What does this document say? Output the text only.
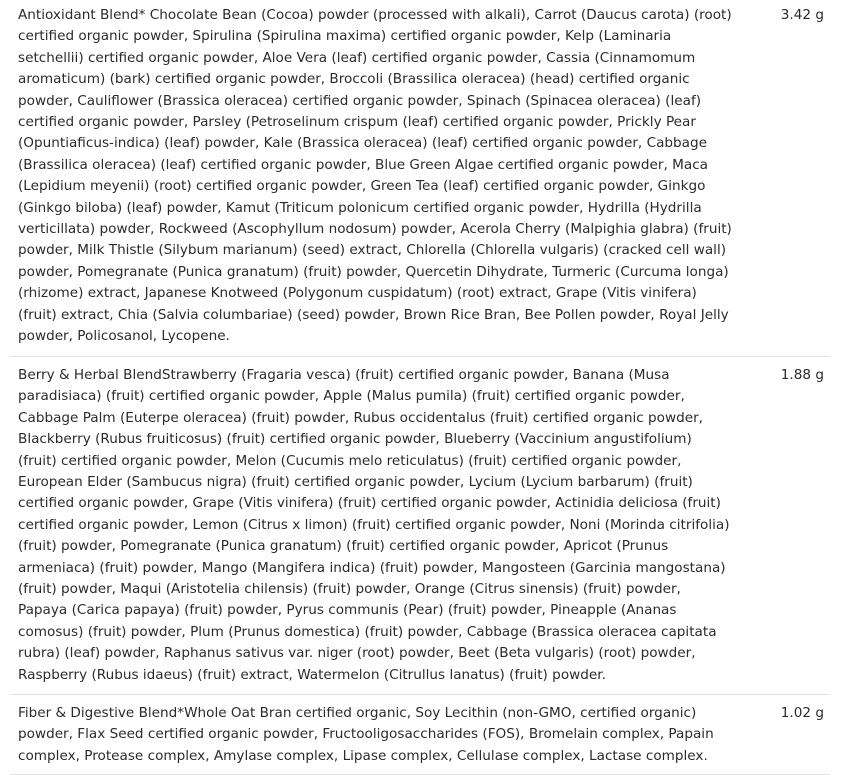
Antioxidant Blend* Chocolate Bean (Cocoa) powder (processed with alkali), Carrot (Daucus carota) (root) certified organic powder, Spirulina (Spirulina maxima) certified organic powder, Kelp (Laminaria setchellii) certified organic powder, Aloe Vera (leaf) certified organic powder, Cassia (Cinnamomum aromaticum) (bark) certified organic powder, Broccoli (Brassilica oleracea) (head) certified organic powder, Cauliflower (Brassica oleracea) certified organic powder, Spinach (Spinacea oleracea) (leaf) certified organic powder, Parsley (Petroselinum crispum (leaf) certified organic powder, Prickly Pear (Opuntiaficus-indica) (leaf) powder, Kale (Brassica oleracea) (leaf) certified organic powder, Cabbage (Brassilica oleracea) (leaf) certified organic powder, Blue Green Algae certified organic powder, Maca (Lepidium meyenii) (root) certified organic powder, Green Tea (leaf) certified organic powder, Ginkgo (Ginkgo biloba) (leaf) powder, Kamut (Triticum polonicum certified organic powder, Hydrilla (Hydrilla verticillata) powder, Rockweed (Ascophyllum nodosum) powder, Acerola Cherry (Malpighia glabra) (fruit) powder, Milk Thistle (Silybum marianum) (seed) extract, Chlorella (Chlorella vulgaris) (cracked cell wall) powder, Pomegranate (Punica granatum) (fruit) powder, Quercetin Dihydrate, Turmeric (Curcuma longa) (rhizome) extract, Japanese Knotweed (Polygonum cuspidatum) (root) extract, Grape (Vitis vinifera) (fruit) extract, Chia (Salvia columbariae) (seed) powder, Brown Rice Bran, Bee Pollen powder, Royal Jelly powder, Policosanol, Lycopene.
3.42 g
Berry & Herbal BlendStrawberry (Fragaria vesca) (fruit) certified organic powder, Banana (Musa paradisiaca) (fruit) certified organic powder, Apple (Malus pumila) (fruit) certified organic powder, Cabbage Palm (Euterpe oleracea) (fruit) powder, Rubus occidentalus (fruit) certified organic powder, Blackberry (Rubus fruiticosus) (fruit) certified organic powder, Blueberry (Vaccinium angustifolium) (fruit) certified organic powder, Melon (Cucumis melo reticulatus) (fruit) certified organic powder, European Elder (Sambucus nigra) (fruit) certified organic powder, Lycium (Lycium barbarum) (fruit) certified organic powder, Grape (Vitis vinifera) (fruit) certified organic powder, Actinidia deliciosa (fruit) certified organic powder, Lemon (Citrus x limon) (fruit) certified organic powder, Noni (Morinda citrifolia) (fruit) powder, Pomegranate (Punica granatum) (fruit) certified organic powder, Apricot (Prunus armeniaca) (fruit) powder, Mango (Mangifera indica) (fruit) powder, Mangosteen (Garcinia mangostana) (fruit) powder, Maqui (Aristotelia chilensis) (fruit) powder, Orange (Citrus sinensis) (fruit) powder, Papaya (Carica papaya) (fruit) powder, Pyrus communis (Pear) (fruit) powder, Pineapple (Ananas comosus) (fruit) powder, Plum (Prunus domestica) (fruit) powder, Cabbage (Brassica oleracea capitata rubra) (leaf) powder, Raphanus sativus var. niger (root) powder, Beet (Beta vulgaris) (root) powder, Raspberry (Rubus idaeus) (fruit) extract, Watermelon (Citrullus lanatus) (fruit) powder.
1.88 g
Fiber & Digestive Blend*Whole Oat Bran certified organic, Soy Lecithin (non-GMO, certified organic) powder, Flax Seed certified organic powder, Fructooligosaccharides (FOS), Bromelain complex, Papain complex, Protease complex, Amylase complex, Lipase complex, Cellulase complex, Lactase complex.
1.02 g
